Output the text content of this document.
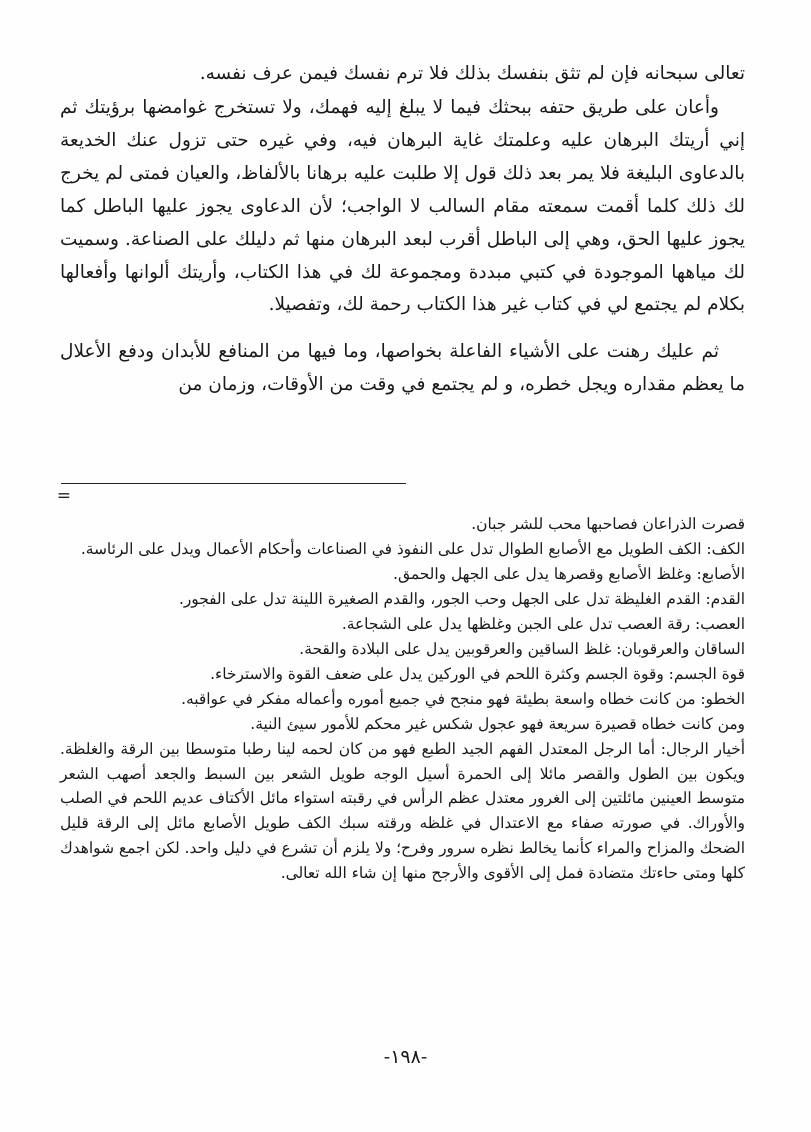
تعالى سبحانه فإن لم تثق بنفسك بذلك فلا ترم نفسك فيمن عرف نفسه.

وأعان على طريق حتفه ببحثك فيما لا يبلغ إليه فهمك، ولا تستخرج غوامضها برؤيتك ثم إني أريتك البرهان عليه وعلمتك غاية البرهان فيه، وفي غيره حتى تزول عنك الخديعة بالدعاوى البليغة فلا يمر بعد ذلك قول إلا طلبت عليه برهانا بالألفاظ، والعيان فمتى لم يخرج لك ذلك كلما أقمت سمعته مقام السالب لا الواجب؛ لأن الدعاوى يجوز عليها الباطل كما يجوز عليها الحق، وهي إلى الباطل أقرب لبعد البرهان منها ثم دليلك على الصناعة. وسميت لك مياهها الموجودة في كتبي مبددة ومجموعة لك في هذا الكتاب، وأريتك ألوانها وأفعالها بكلام لم يجتمع لي في كتاب غير هذا الكتاب رحمة لك، وتفصيلا.

ثم عليك رهنت على الأشياء الفاعلة بخواصها، وما فيها من المنافع للأبدان ودفع الأعلال ما يعظم مقداره ويجل خطره، و لم يجتمع في وقت من الأوقات، وزمان من

=

قصرت الذراعان فصاحبها محب للشر جبان.

الكف: الكف الطويل مع الأصابع الطوال تدل على النفوذ في الصناعات وأحكام الأعمال ويدل على الرئاسة.

الأصابع: وغلظ الأصابع وقصرها يدل على الجهل والحمق.

القدم: القدم الغليظة تدل على الجهل وحب الجور، والقدم الصغيرة اللينة تدل على الفجور.

العصب: رقة العصب تدل على الجبن وغلظها يدل على الشجاعة.

الساقان والعرقوبان: غلظ الساقين والعرقوبين يدل على البلادة والقحة.

قوة الجسم: وقوة الجسم وكثرة اللحم في الوركين يدل على ضعف القوة والاسترخاء.

الخطو: من كانت خطاه واسعة بطيئة فهو منجح في جميع أموره وأعماله مفكر في عواقبه.

ومن كانت خطاه قصيرة سريعة فهو عجول شكس غير محكم للأمور سيئ النية.

أخيار الرجال: أما الرجل المعتدل الفهم الجيد الطبع فهو من كان لحمه لينا رطبا متوسطا بين الرقة والغلظة. ويكون بين الطول والقصر مائلا إلى الحمرة أسيل الوجه طويل الشعر بين السبط والجعد أصهب الشعر متوسط العينين مائلتين إلى الغرور معتدل عظم الرأس في رقبته استواء مائل الأكتاف عديم اللحم في الصلب والأوراك. في صورته صفاء مع الاعتدال في غلظه ورقته سبك الكف طويل الأصابع مائل إلى الرقة قليل الضحك والمزاح والمراء كأنما يخالط نظره سرور وفرح؛ ولا يلزم أن تشرع في دليل واحد. لكن اجمع شواهدك كلها ومتى حاءتك متضادة فمل إلى الأقوى والأرجح منها إن شاء الله تعالى.

-١٩٨-
